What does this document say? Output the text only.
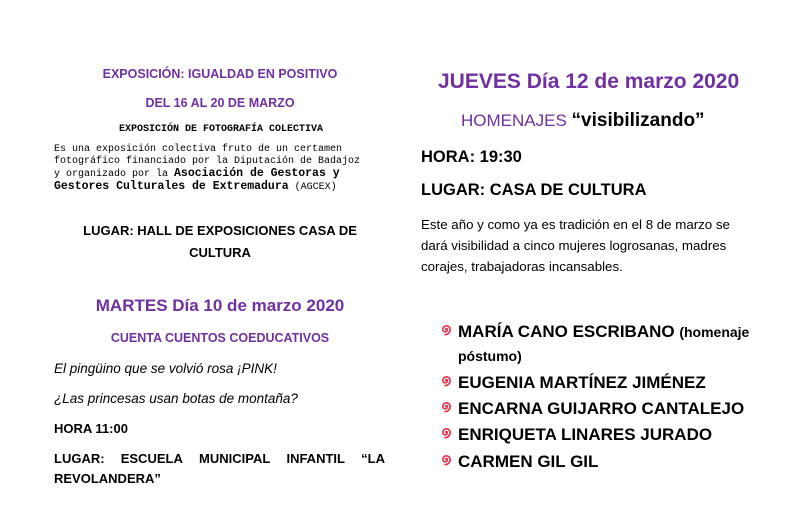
EXPOSICIÓN: IGUALDAD EN POSITIVO
DEL 16 AL 20 DE MARZO
EXPOSICIÓN DE FOTOGRAFÍA COLECTIVA
Es una exposición colectiva fruto de un certamen
fotográfico financiado por la Diputación de Badajoz
y organizado por la Asociación de Gestoras y
Gestores Culturales de Extremadura (AGCEX)
LUGAR: HALL DE EXPOSICIONES CASA DE
CULTURA
MARTES Día 10 de marzo 2020
CUENTA CUENTOS COEDUCATIVOS
El pingüino que se volvió rosa ¡PINK!
¿Las princesas usan botas de montaña?
HORA 11:00
LUGAR: ESCUELA MUNICIPAL INFANTIL “LA
REVOLANDERA”
JUEVES Día 12 de marzo 2020
HOMENAJES “visibilizando”
HORA: 19:30
LUGAR: CASA DE CULTURA
Este año y como ya es tradición en el 8 de marzo se
dará visibilidad a cinco mujeres logrosanas, madres
corajes, trabajadoras incansables.
MARÍA CANO ESCRIBANO (homenaje
póstumo)
EUGENIA MARTÍNEZ JIMÉNEZ
ENCARNA GUIJARRO CANTALEJO
ENRIQUETA LINARES JURADO
CARMEN GIL GIL
